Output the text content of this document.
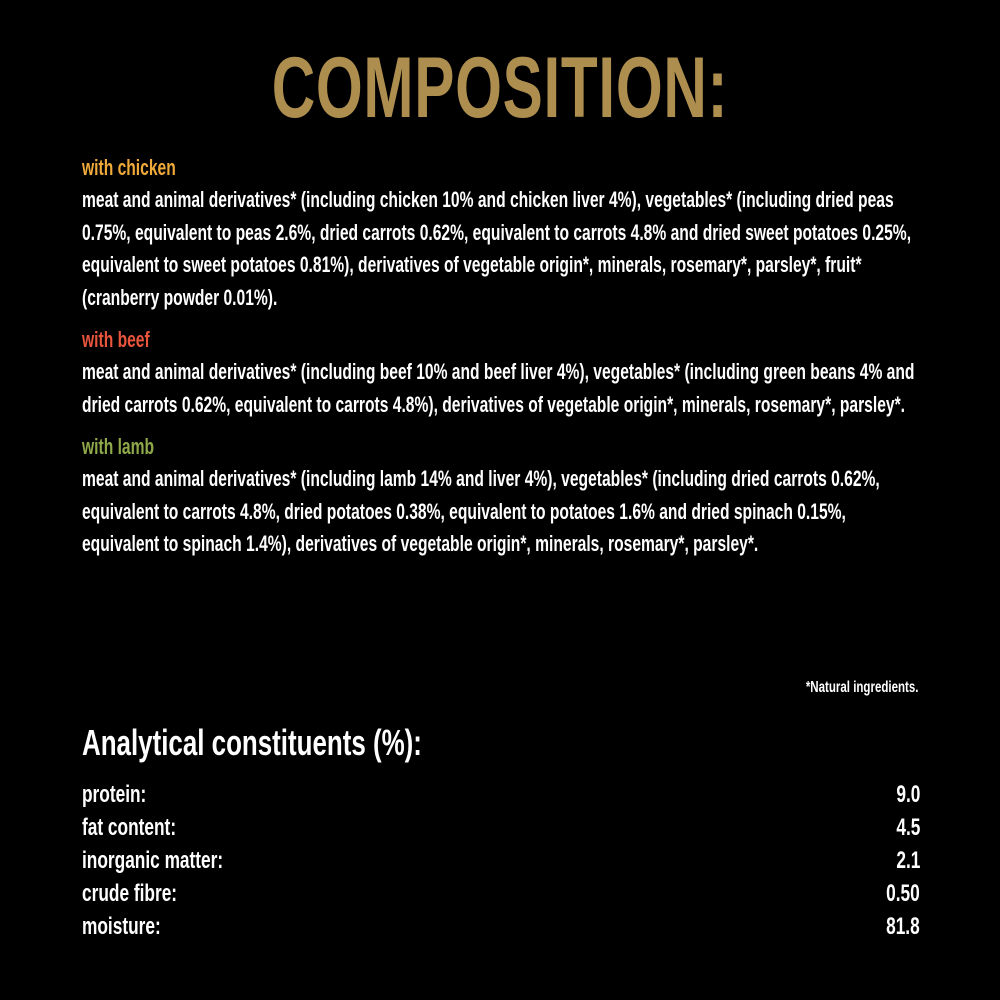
COMPOSITION:
with chicken
meat and animal derivatives* (including chicken 10% and chicken liver 4%), vegetables* (including dried peas 0.75%, equivalent to peas 2.6%, dried carrots 0.62%, equivalent to carrots 4.8% and dried sweet potatoes 0.25%, equivalent to sweet potatoes 0.81%), derivatives of vegetable origin*, minerals, rosemary*, parsley*, fruit* (cranberry powder 0.01%).
with beef
meat and animal derivatives* (including beef 10% and beef liver 4%), vegetables* (including green beans 4% and dried carrots 0.62%, equivalent to carrots 4.8%), derivatives of vegetable origin*, minerals, rosemary*, parsley*.
with lamb
meat and animal derivatives* (including lamb 14% and liver 4%), vegetables* (including dried carrots 0.62%, equivalent to carrots 4.8%, dried potatoes 0.38%, equivalent to potatoes 1.6% and dried spinach 0.15%, equivalent to spinach 1.4%), derivatives of vegetable origin*, minerals, rosemary*, parsley*.
*Natural ingredients.
Analytical constituents (%):
protein:	9.0
fat content:	4.5
inorganic matter:	2.1
crude fibre:	0.50
moisture:	81.8
